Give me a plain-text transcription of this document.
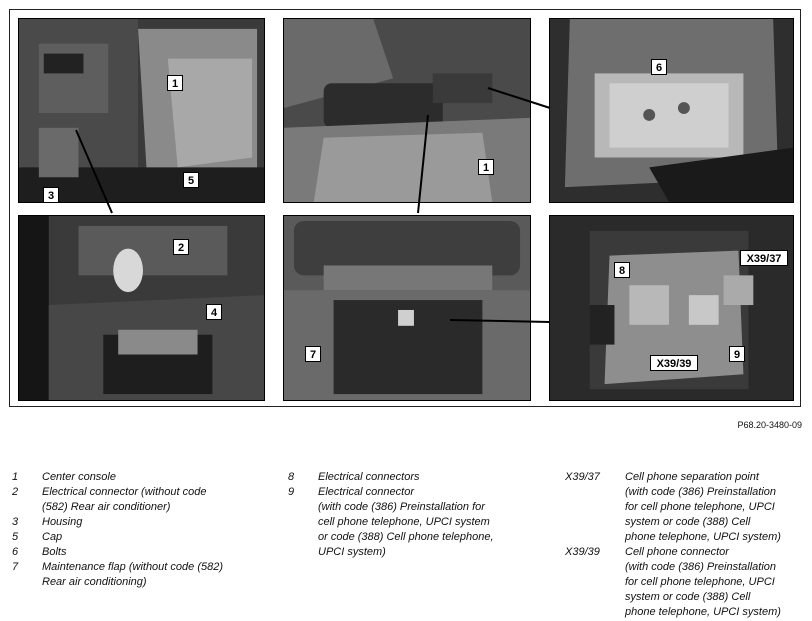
1
3
5
1
6
2
4
7
8
X39/37
X39/39
9
P68.20-3480-09
1	Center console
2	Electrical connector (without code
(582) Rear air conditioner)
3	Housing
5	Cap
6	Bolts
7	Maintenance flap (without code (582)
Rear air conditioning)
8	Electrical connectors
9	Electrical connector
(with code (386) Preinstallation for
cell phone telephone, UPCI system
or code (388) Cell phone telephone,
UPCI system)
X39/37	Cell phone separation point
(with code (386) Preinstallation
for cell phone telephone, UPCI
system or code (388) Cell
phone telephone, UPCI system)
X39/39	Cell phone connector
(with code (386) Preinstallation
for cell phone telephone, UPCI
system or code (388) Cell
phone telephone, UPCI system)
